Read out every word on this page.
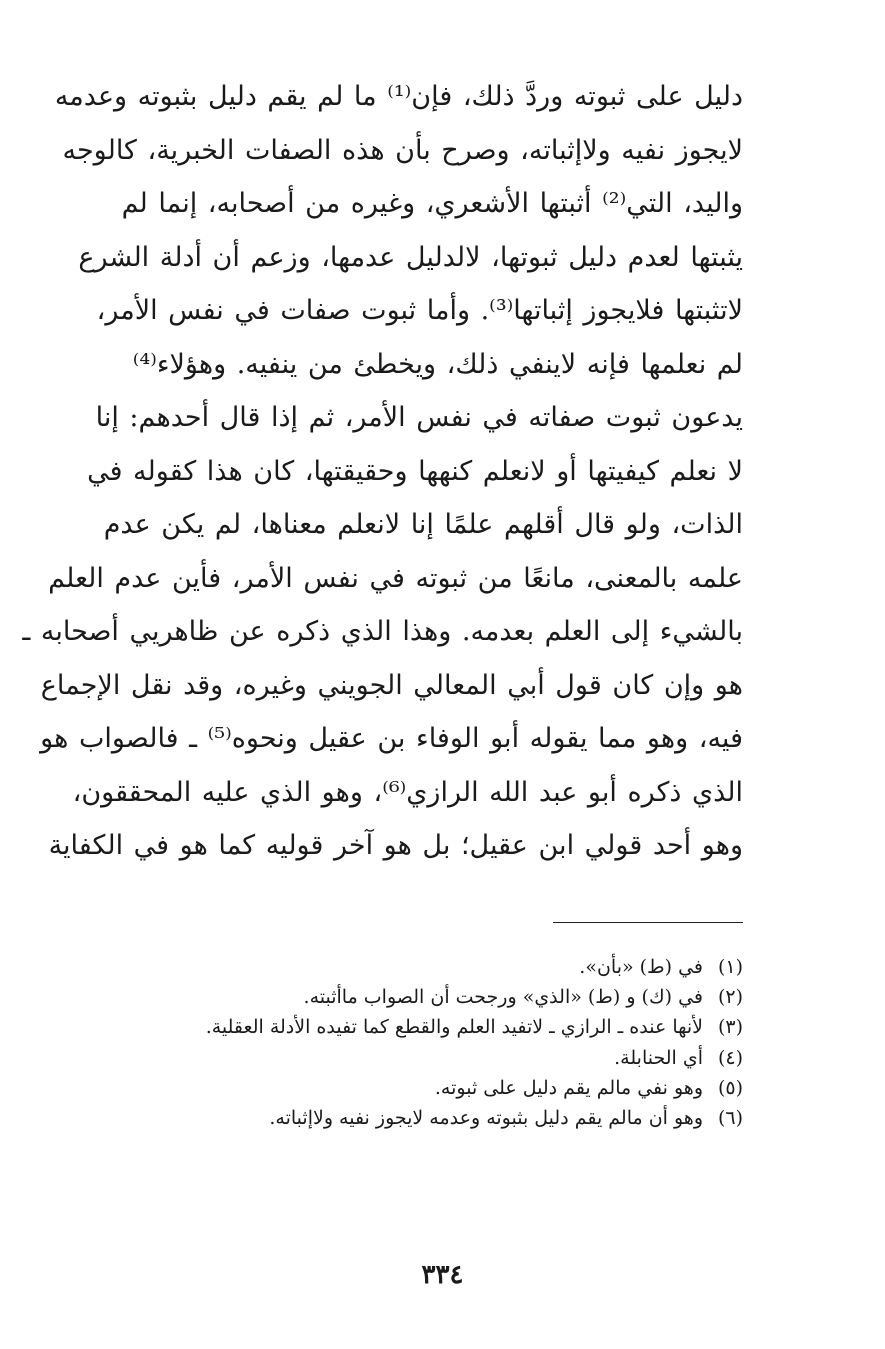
دليل على ثبوته وردَّ ذلك، فإن⁽¹⁾ ما لم يقم دليل بثبوته وعدمه
لايجوز نفيه ولاإثباته، وصرح بأن هذه الصفات الخبرية، كالوجه
واليد، التي⁽²⁾ أثبتها الأشعري، وغيره من أصحابه، إنما لم
يثبتها لعدم دليل ثبوتها، لالدليل عدمها، وزعم أن أدلة الشرع
لاتثبتها فلايجوز إثباتها⁽³⁾. وأما ثبوت صفات في نفس الأمر،
لم نعلمها فإنه لاينفي ذلك، ويخطئ من ينفيه. وهؤلاء⁽⁴⁾
يدعون ثبوت صفاته في نفس الأمر، ثم إذا قال أحدهم: إنا
لا نعلم كيفيتها أو لانعلم كنهها وحقيقتها، كان هذا كقوله في
الذات، ولو قال أقلهم علمًا إنا لانعلم معناها، لم يكن عدم
علمه بالمعنى، مانعًا من ثبوته في نفس الأمر، فأين عدم العلم
بالشيء إلى العلم بعدمه. وهذا الذي ذكره عن ظاهريي أصحابه ـ
هو وإن كان قول أبي المعالي الجويني وغيره، وقد نقل الإجماع
فيه، وهو مما يقوله أبو الوفاء بن عقيل ونحوه⁽⁵⁾ ـ فالصواب هو
الذي ذكره أبو عبد الله الرازي⁽⁶⁾، وهو الذي عليه المحققون،
وهو أحد قولي ابن عقيل؛ بل هو آخر قوليه كما هو في الكفاية
(١)
في (ط) «بأن».
(٢)
في (ك) و (ط) «الذي» ورجحت أن الصواب ماأثبته.
(٣)
لأنها عنده ـ الرازي ـ لاتفيد العلم والقطع كما تفيده الأدلة العقلية.
(٤)
أي الحنابلة.
(٥)
وهو نفي مالم يقم دليل على ثبوته.
(٦)
وهو أن مالم يقم دليل بثبوته وعدمه لايجوز نفيه ولاإثباته.
٣٣٤
